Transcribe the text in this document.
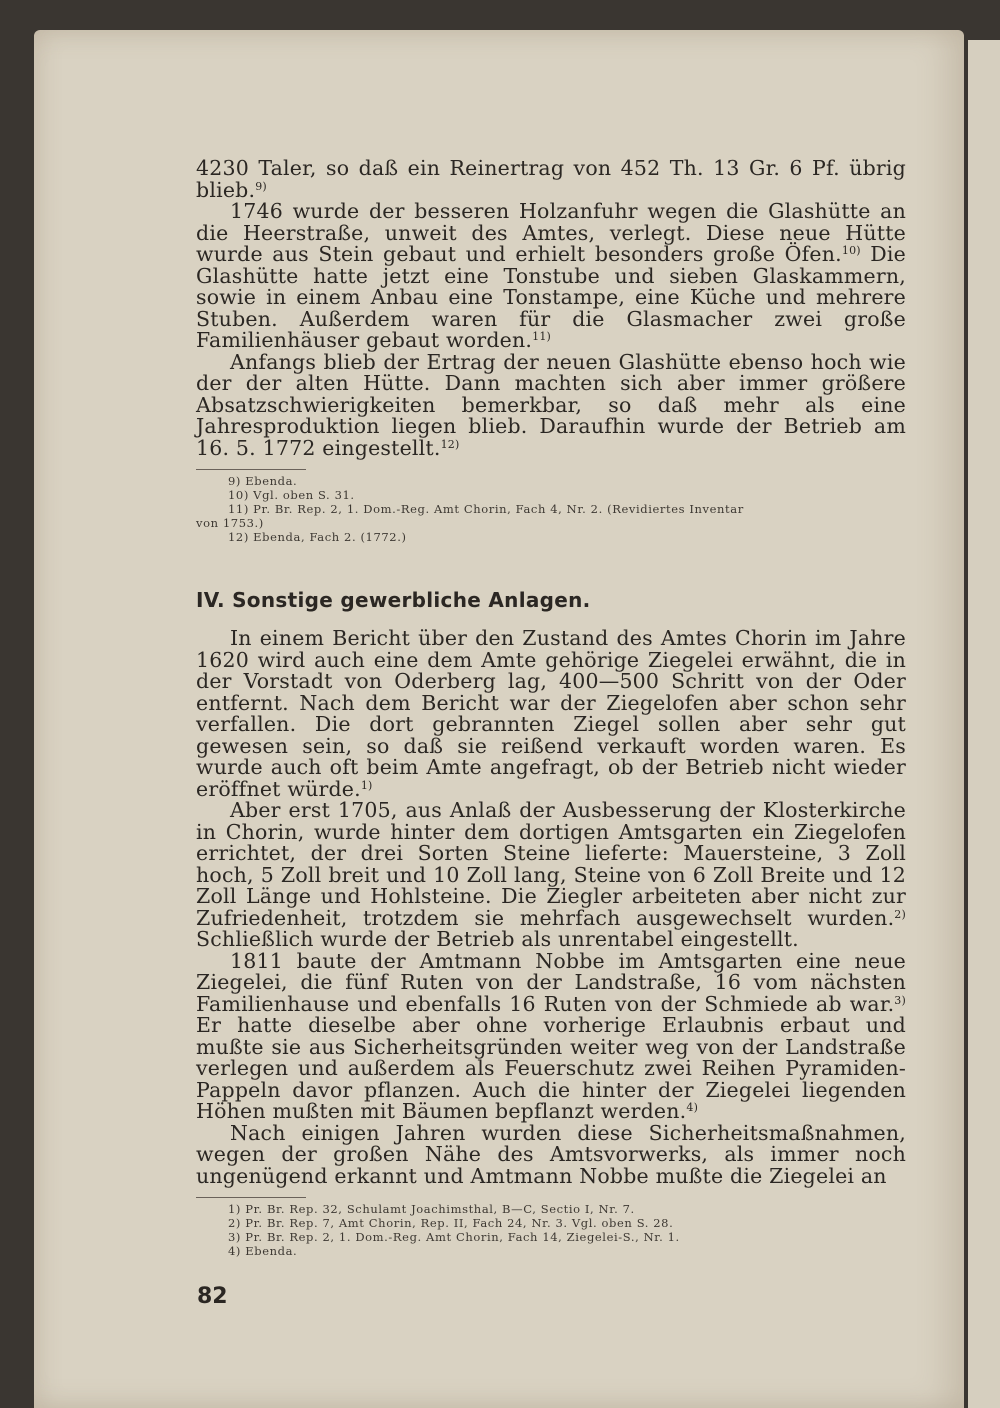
4230 Taler, so daß ein Reinertrag von 452 Th. 13 Gr. 6 Pf. übrig blieb.$^{9)}$

1746 wurde der besseren Holzanfuhr wegen die Glashütte an die Heerstraße, unweit des Amtes, verlegt. Diese neue Hütte wurde aus Stein gebaut und erhielt besonders große Öfen.$^{10)}$ Die Glashütte hatte jetzt eine Tonstube und sieben Glaskammern, sowie in einem Anbau eine Tonstampe, eine Küche und mehrere Stuben. Außerdem waren für die Glasmacher zwei große Familienhäuser gebaut worden.$^{11)}$

Anfangs blieb der Ertrag der neuen Glashütte ebenso hoch wie der der alten Hütte. Dann machten sich aber immer größere Absatzschwierigkeiten bemerkbar, so daß mehr als eine Jahresproduktion liegen blieb. Daraufhin wurde der Betrieb am 16. 5. 1772 eingestellt.$^{12)}$

9) Ebenda.

10) Vgl. oben S. 31.

11) Pr. Br. Rep. 2, 1. Dom.-Reg. Amt Chorin, Fach 4, Nr. 2. (Revidiertes Inventar

von 1753.)

12) Ebenda, Fach 2. (1772.)

IV. Sonstige gewerbliche Anlagen.

In einem Bericht über den Zustand des Amtes Chorin im Jahre 1620 wird auch eine dem Amte gehörige Ziegelei erwähnt, die in der Vorstadt von Oderberg lag, 400—500 Schritt von der Oder entfernt. Nach dem Bericht war der Ziegelofen aber schon sehr verfallen. Die dort gebrannten Ziegel sollen aber sehr gut gewesen sein, so daß sie reißend verkauft worden waren. Es wurde auch oft beim Amte angefragt, ob der Betrieb nicht wieder eröffnet würde.$^{1)}$

Aber erst 1705, aus Anlaß der Ausbesserung der Klosterkirche in Chorin, wurde hinter dem dortigen Amtsgarten ein Ziegelofen errichtet, der drei Sorten Steine lieferte: Mauersteine, 3 Zoll hoch, 5 Zoll breit und 10 Zoll lang, Steine von 6 Zoll Breite und 12 Zoll Länge und Hohlsteine. Die Ziegler arbeiteten aber nicht zur Zufriedenheit, trotzdem sie mehrfach ausgewechselt wurden.$^{2)}$ Schließlich wurde der Betrieb als unrentabel eingestellt.

1811 baute der Amtmann Nobbe im Amtsgarten eine neue Ziegelei, die fünf Ruten von der Landstraße, 16 vom nächsten Familienhause und ebenfalls 16 Ruten von der Schmiede ab war.$^{3)}$ Er hatte dieselbe aber ohne vorherige Erlaubnis erbaut und mußte sie aus Sicherheitsgründen weiter weg von der Landstraße verlegen und außerdem als Feuerschutz zwei Reihen Pyramiden-Pappeln davor pflanzen. Auch die hinter der Ziegelei liegenden Höhen mußten mit Bäumen bepflanzt werden.$^{4)}$

Nach einigen Jahren wurden diese Sicherheitsmaßnahmen, wegen der großen Nähe des Amtsvorwerks, als immer noch ungenügend erkannt und Amtmann Nobbe mußte die Ziegelei an

1) Pr. Br. Rep. 32, Schulamt Joachimsthal, B—C, Sectio I, Nr. 7.

2) Pr. Br. Rep. 7, Amt Chorin, Rep. II, Fach 24, Nr. 3. Vgl. oben S. 28.

3) Pr. Br. Rep. 2, 1. Dom.-Reg. Amt Chorin, Fach 14, Ziegelei-S., Nr. 1.

4) Ebenda.

82
